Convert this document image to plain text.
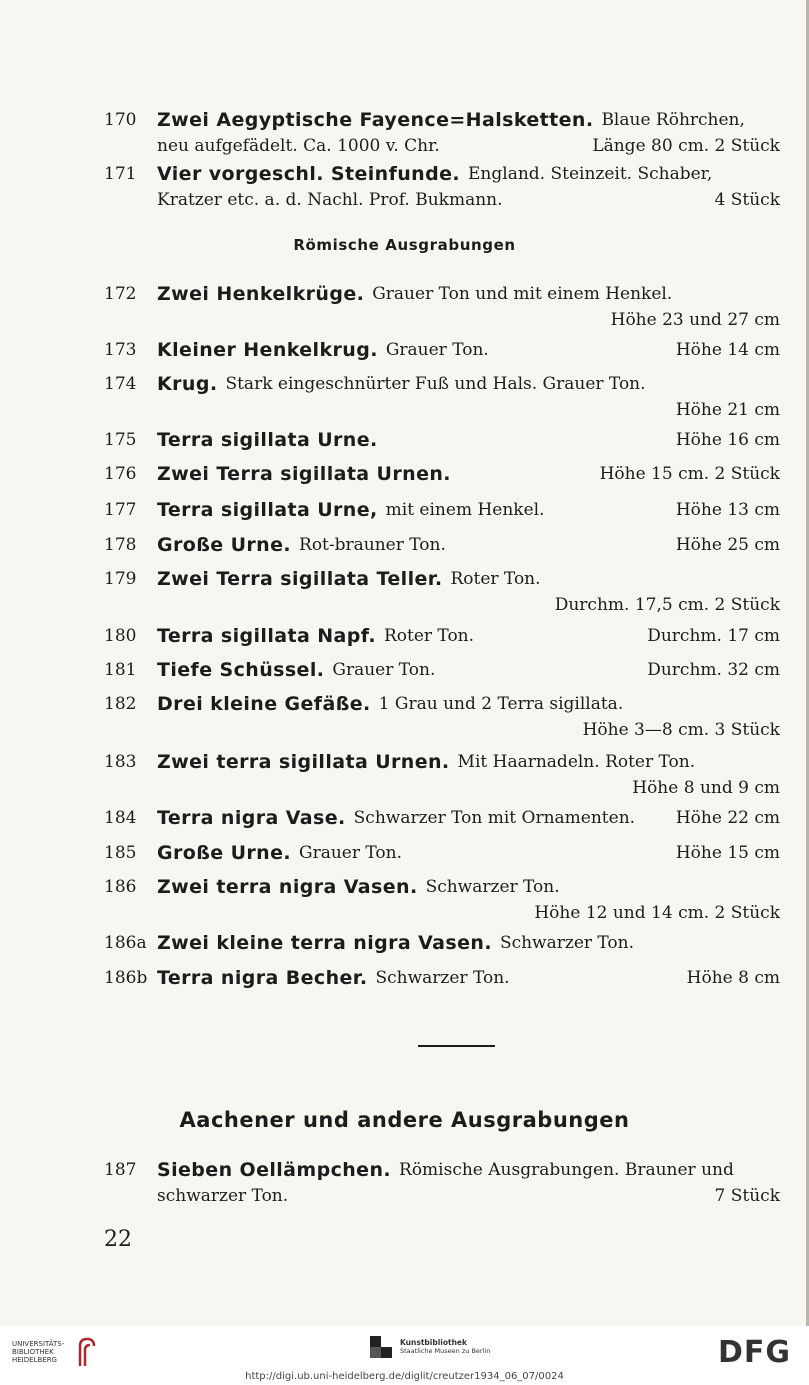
170	Zwei Aegyptische Fayence=Halsketten. Blaue Röhrchen,
neu aufgefädelt. Ca. 1000 v. Chr.	Länge 80 cm. 2 Stück
171	Vier vorgeschl. Steinfunde. England. Steinzeit. Schaber,
Kratzer etc. a. d. Nachl. Prof. Bukmann.	4 Stück
Römische Ausgrabungen
172	Zwei Henkelkrüge. Grauer Ton und mit einem Henkel.
Höhe 23 und 27 cm
173	Kleiner Henkelkrug. Grauer Ton.	Höhe 14 cm
174	Krug. Stark eingeschnürter Fuß und Hals. Grauer Ton.
Höhe 21 cm
175	Terra sigillata Urne.	Höhe 16 cm
176	Zwei Terra sigillata Urnen.	Höhe 15 cm. 2 Stück
177	Terra sigillata Urne, mit einem Henkel.	Höhe 13 cm
178	Große Urne. Rot-brauner Ton.	Höhe 25 cm
179	Zwei Terra sigillata Teller. Roter Ton.
Durchm. 17,5 cm. 2 Stück
180	Terra sigillata Napf. Roter Ton.	Durchm. 17 cm
181	Tiefe Schüssel. Grauer Ton.	Durchm. 32 cm
182	Drei kleine Gefäße. 1 Grau und 2 Terra sigillata.
Höhe 3—8 cm. 3 Stück
183	Zwei terra sigillata Urnen. Mit Haarnadeln. Roter Ton.
Höhe 8 und 9 cm
184	Terra nigra Vase. Schwarzer Ton mit Ornamenten.	Höhe 22 cm
185	Große Urne. Grauer Ton.	Höhe 15 cm
186	Zwei terra nigra Vasen. Schwarzer Ton.
Höhe 12 und 14 cm. 2 Stück
186a Zwei kleine terra nigra Vasen. Schwarzer Ton.
186b Terra nigra Becher. Schwarzer Ton.	Höhe 8 cm
Aachener und andere Ausgrabungen
187	Sieben Oellämpchen. Römische Ausgrabungen. Brauner und
schwarzer Ton.	7 Stück
22
UNIVERSITÄTS-
BIBLIOTHEK
HEIDELBERG
Kunstbibliothek
Staatliche Museen zu Berlin	DFG
http://digi.ub.uni-heidelberg.de/diglit/creutzer1934_06_07/0024
